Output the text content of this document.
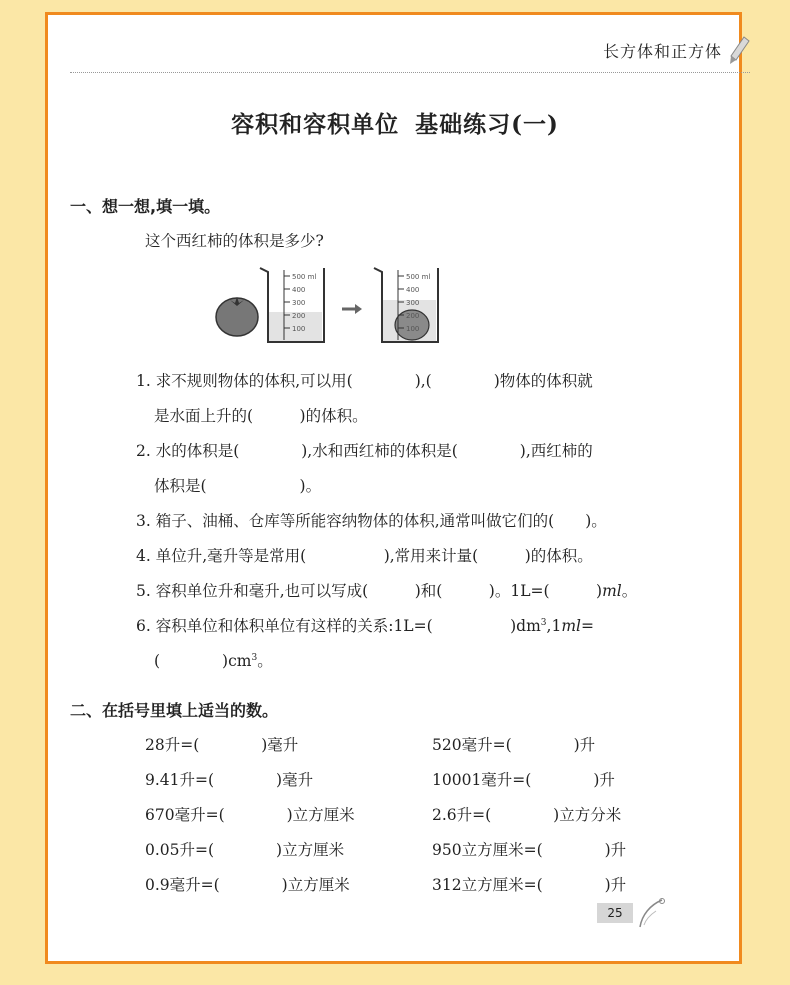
长方体和正方体
容积和容积单位 基础练习(一)
一、想一想,填一填。
这个西红柿的体积是多少?
500 ml
400
300
200
100
500 ml
400
300
200
100
1. 求不规则物体的体积,可以用(　　　　),(　　　　)物体的体积就
是水面上升的(　　　)的体积。
2. 水的体积是(　　　　),水和西红柿的体积是(　　　　),西红柿的
体积是(　　　　　　)。
3. 箱子、油桶、仓库等所能容纳物体的体积,通常叫做它们的(　　)。
4. 单位升,毫升等是常用(　　　　　),常用来计量(　　　)的体积。
5. 容积单位升和毫升,也可以写成(　　　)和(　　　)。1L=(　　　)ml。
6. 容积单位和体积单位有这样的关系:1L=(　　　　　)$dm^3,1ml=$
(　　　　)$cm^3$。
二、在括号里填上适当的数。
28升=(　　　　)毫升
9.41升=(　　　　)毫升
670毫升=(　　　　)立方厘米
0.05升=(　　　　)立方厘米
0.9毫升=(　　　　)立方厘米
520毫升=(　　　　)升
10001毫升=(　　　　)升
2.6升=(　　　　)立方分米
950立方厘米=(　　　　)升
312立方厘米=(　　　　)升
25
